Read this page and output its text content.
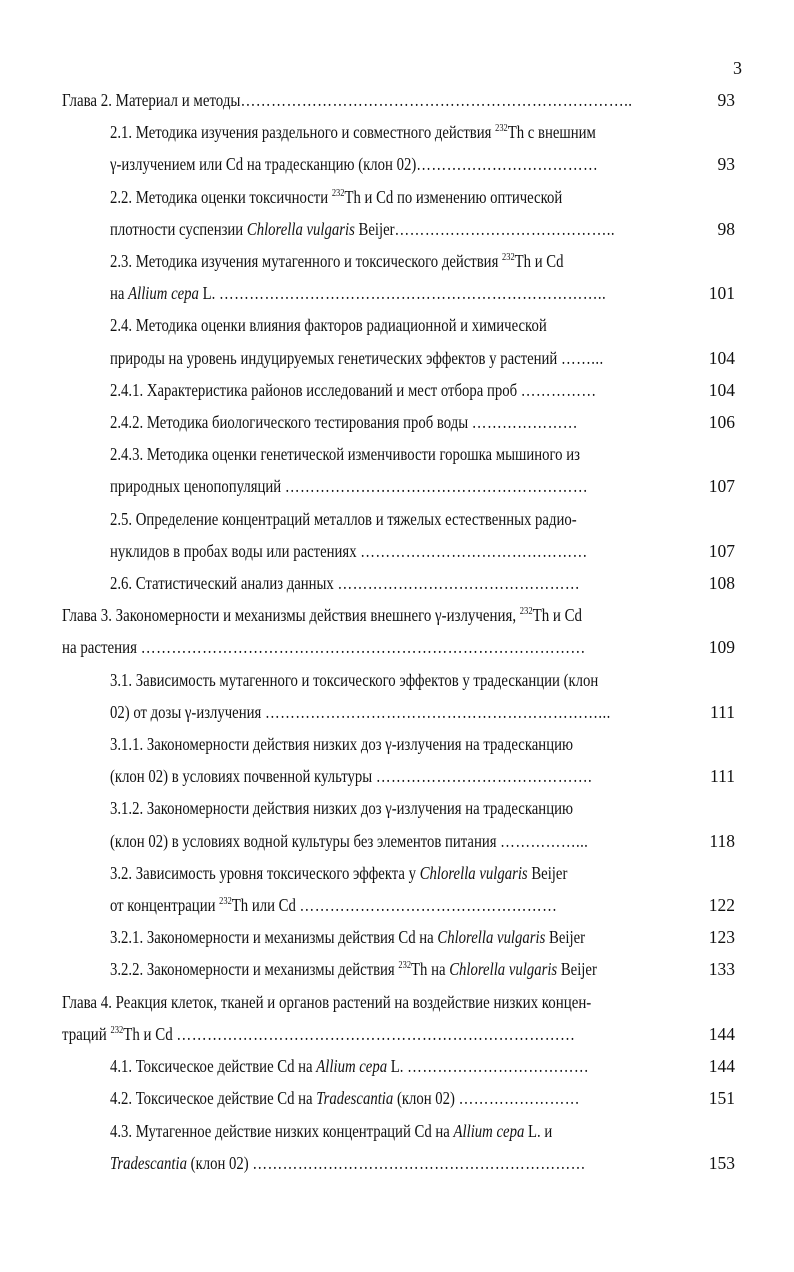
3
Глава 2. Материал и методы…………………………………………………………………..	93
2.1. Методика изучения раздельного и совместного действия $^{232}$Th с внешним
γ-излучением или Cd на традесканцию (клон 02)………………………………	93
2.2. Методика оценки токсичности $^{232}$Th и Cd по изменению оптической
плотности суспензии Chlorella vulgaris Beijer……………………………………..	98
2.3. Методика изучения мутагенного и токсического действия $^{232}$Th и Cd
на Allium cepa L. …………………………………………………………………..	101
2.4. Методика оценки влияния факторов радиационной и химической
природы на уровень индуцируемых генетических эффектов у растений ……...	104
2.4.1. Характеристика районов исследований и мест отбора проб ……………	104
2.4.2. Методика биологического тестирования проб воды …………………	106
2.4.3. Методика оценки генетической изменчивости горошка мышиного из
природных ценопопуляций ……………………………………………………	107
2.5. Определение концентраций металлов и тяжелых естественных радио-
нуклидов в пробах воды или растениях ………………………………………	107
2.6. Статистический анализ данных …………………………………………	108
Глава 3. Закономерности и механизмы действия внешнего γ-излучения, $^{232}$Th и Cd
на растения ……………………………………………………………………………	109
3.1. Зависимость мутагенного и токсического эффектов у традесканции (клон
02) от дозы γ-излучения …………………………………………………………...	111
3.1.1. Закономерности действия низких доз γ-излучения на традесканцию
(клон 02) в условиях почвенной культуры …………………………………….	111
3.1.2. Закономерности действия низких доз γ-излучения на традесканцию
(клон 02) в условиях водной культуры без элементов питания ……………...	118
3.2. Зависимость уровня токсического эффекта у Chlorella vulgaris Beijer
от концентрации $^{232}$Th или Cd ……………………………………………	122
3.2.1. Закономерности и механизмы действия Cd на Chlorella vulgaris Beijer	123
3.2.2. Закономерности и механизмы действия $^{232}$Th на Chlorella vulgaris Beijer	133
Глава 4. Реакция клеток, тканей и органов растений на воздействие низких концен-
траций $^{232}$Th и Cd ……………………………………………………………………	144
4.1. Токсическое действие Cd на Allium cepa L. ………………………………	144
4.2. Токсическое действие Cd на Tradescantia (клон 02) ……………………	151
4.3. Мутагенное действие низких концентраций Cd на Allium cepa L. и
Tradescantia (клон 02) …………………………………………………………	153
